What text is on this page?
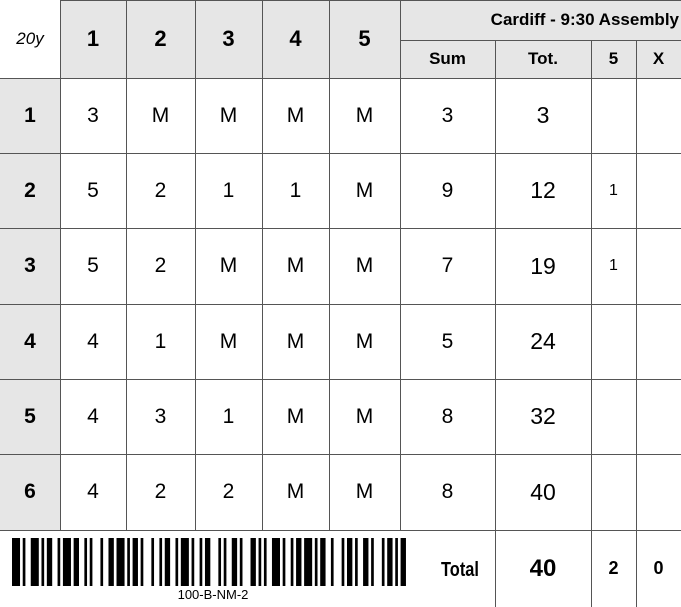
20y	1	2	3	4	5
Cardiff - 9:30 Assembly
Sum	Tot.	5	X
1	3	M	M	M	M	3	3
2	5	2	1	1	M	9	12	1
3	5	2	M	M	M	7	19	1
4	4	1	M	M	M	5	24
5	4	3	1	M	M	8	32
6	4	2	2	M	M	8	40
100-B-NM-2
Total	40	2	0
